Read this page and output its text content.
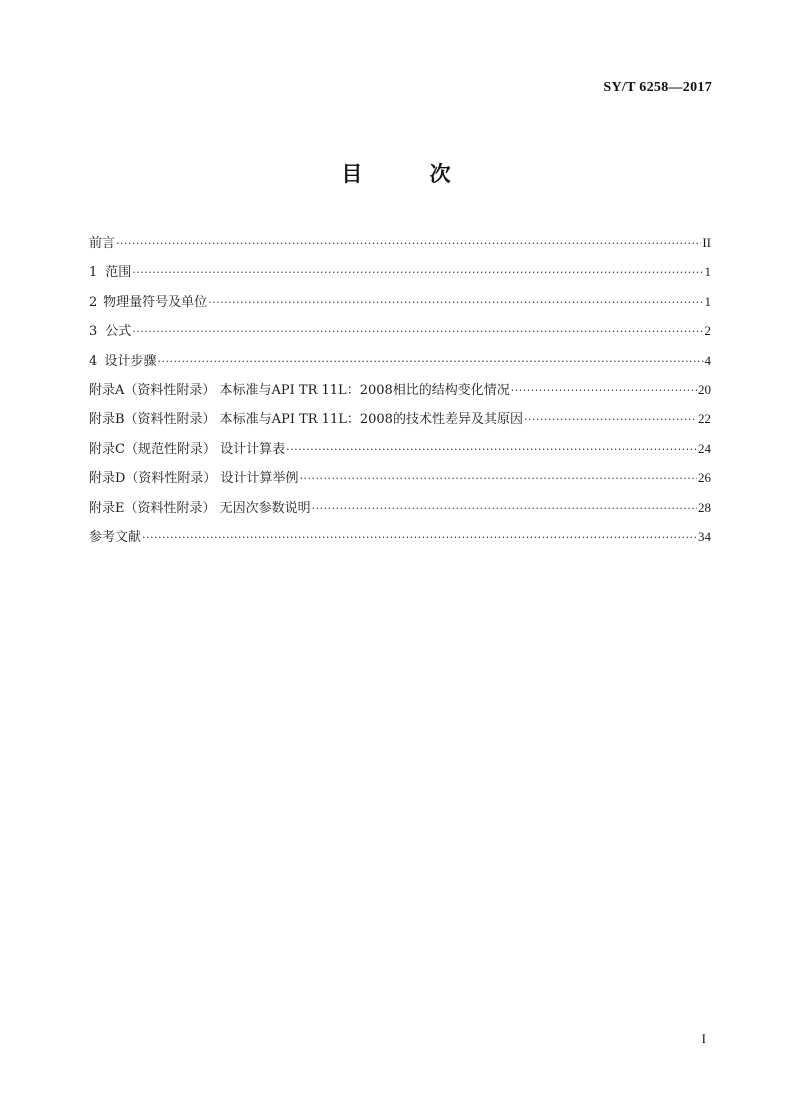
SY/T 6258—2017
目 次
前言 ·····	II
1 范围 ·····	1
2 物理量符号及单位 ·····	1
3 公式 ·····	2
4 设计步骤 ·····	4
附录A（资料性附录） 本标准与API TR 11L：2008相比的结构变化情况 ·····	20
附录B（资料性附录） 本标准与API TR 11L：2008的技术性差异及其原因 ·····	22
附录C（规范性附录） 设计计算表 ·····	24
附录D（资料性附录） 设计计算举例 ·····	26
附录E（资料性附录） 无因次参数说明 ·····	28
参考文献 ·····	34
I
